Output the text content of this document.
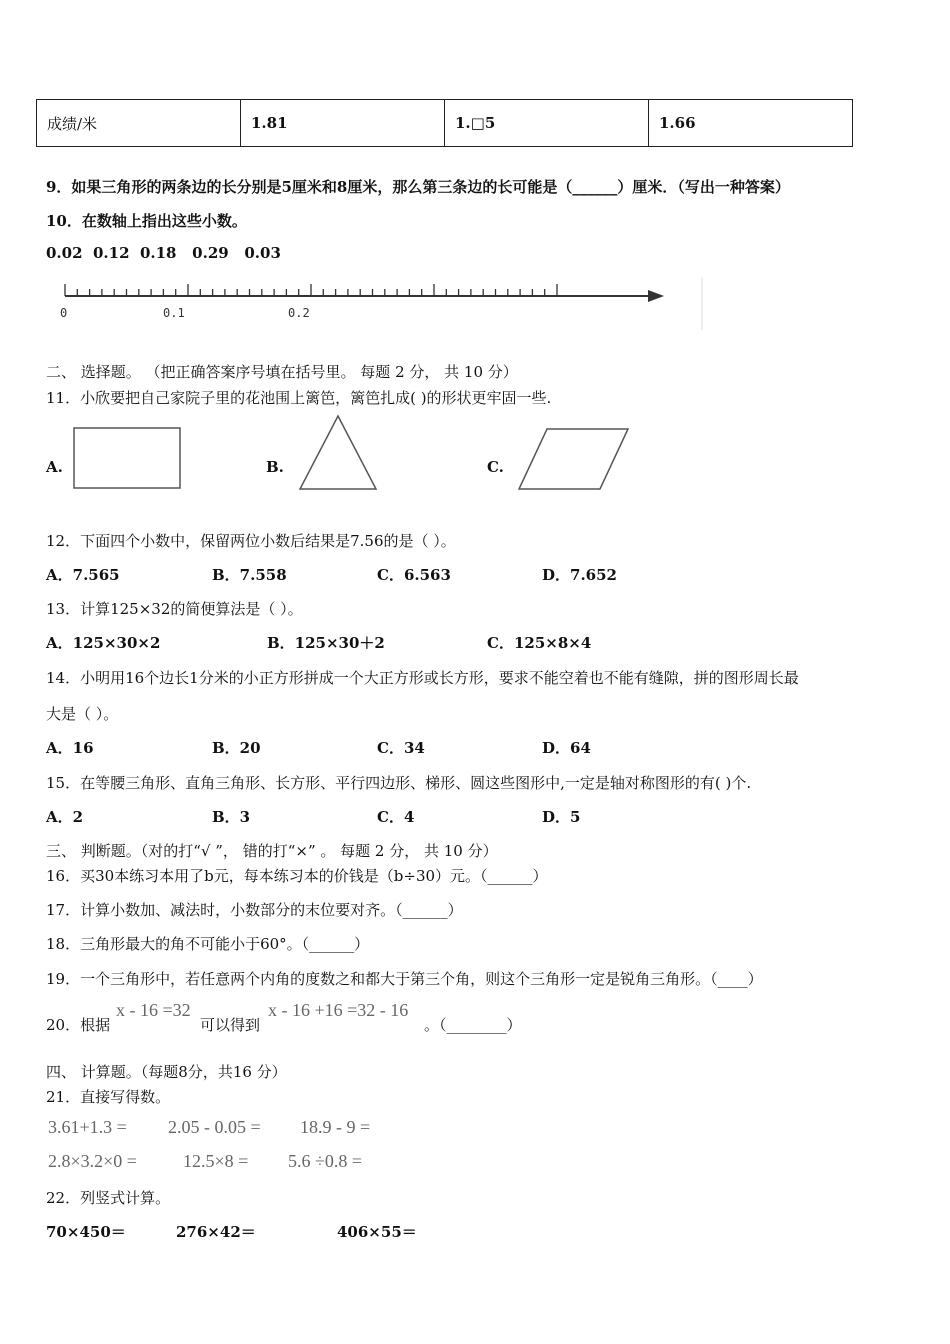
成绩/米	1.81	1.□5	1.66
9．如果三角形的两条边的长分别是5厘米和8厘米，那么第三条边的长可能是（______）厘米．（写出一种答案）
10．在数轴上指出这些小数。
0.02  0.12  0.18   0.29   0.03
0	0.1	0.2
二、 选择题。 （把正确答案序号填在括号里。 每题 2 分， 共 10 分）
11．小欣要把自己家院子里的花池围上篱笆，篱笆扎成( )的形状更牢固一些.
A.	B.	C.
12．下面四个小数中，保留两位小数后结果是7.56的是（ ）。
A．7.565	B．7.558	C．6.563	D．7.652
13．计算125×32的简便算法是（ ）。
A．125×30×2	B．125×30＋2	C．125×8×4
14．小明用16个边长1分米的小正方形拼成一个大正方形或长方形，要求不能空着也不能有缝隙，拼的图形周长最
大是（ ）。
A．16	B．20	C．34	D．64
15．在等腰三角形、直角三角形、长方形、平行四边形、梯形、圆这些图形中,一定是轴对称图形的有( )个.
A．2	B．3	C．4	D．5
三、 判断题。（对的打“√ ”， 错的打“×” 。 每题 2 分， 共 10 分）
16．买30本练习本用了b元，每本练习本的价钱是（b÷30）元。（______）
17．计算小数加、减法时，小数部分的末位要对齐。（______）
18．三角形最大的角不可能小于60°。（______）
19．一个三角形中，若任意两个内角的度数之和都大于第三个角，则这个三角形一定是锐角三角形。（____）
20．根据
x - 16 =32
可以得到
x - 16 +16 =32 - 16
。（________）
四、 计算题。（每题8分，共16 分）
21．直接写得数。
3.61+1.3 = 2.05 - 0.05 = 18.9 - 9 =
2.8×3.2×0 =	12.5×8 = 5.6 ÷0.8 =
22．列竖式计算。
70×450＝	276×42＝	406×55＝
